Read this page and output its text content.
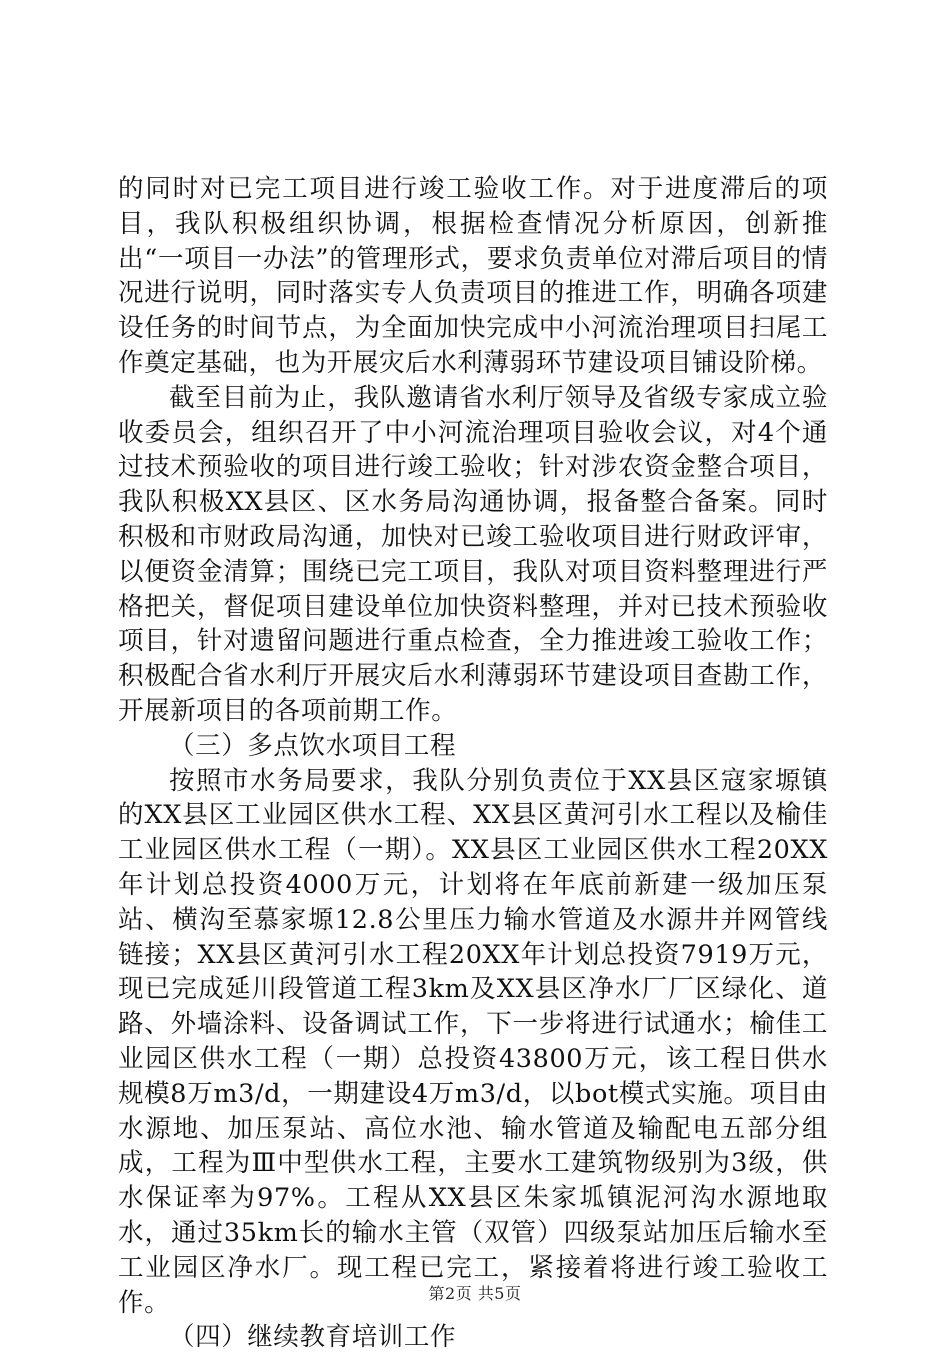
的同时对已完工项目进行竣工验收工作。对于进度滞后的项目，我队积极组织协调，根据检查情况分析原因，创新推出“一项目一办法”的管理形式，要求负责单位对滞后项目的情况进行说明，同时落实专人负责项目的推进工作，明确各项建设任务的时间节点，为全面加快完成中小河流治理项目扫尾工作奠定基础，也为开展灾后水利薄弱环节建设项目铺设阶梯。

截至目前为止，我队邀请省水利厅领导及省级专家成立验收委员会，组织召开了中小河流治理项目验收会议，对4个通过技术预验收的项目进行竣工验收；针对涉农资金整合项目，我队积极XX县区、区水务局沟通协调，报备整合备案。同时积极和市财政局沟通，加快对已竣工验收项目进行财政评审，以便资金清算；围绕已完工项目，我队对项目资料整理进行严格把关，督促项目建设单位加快资料整理，并对已技术预验收项目，针对遗留问题进行重点检查，全力推进竣工验收工作；积极配合省水利厅开展灾后水利薄弱环节建设项目查勘工作，开展新项目的各项前期工作。

（三）多点饮水项目工程

按照市水务局要求，我队分别负责位于XX县区寇家塬镇的XX县区工业园区供水工程、XX县区黄河引水工程以及榆佳工业园区供水工程（一期）。XX县区工业园区供水工程20XX年计划总投资4000万元，计划将在年底前新建一级加压泵站、横沟至慕家塬12.8公里压力输水管道及水源井并网管线链接；XX县区黄河引水工程20XX年计划总投资7919万元，现已完成延川段管道工程3km及XX县区净水厂厂区绿化、道路、外墙涂料、设备调试工作，下一步将进行试通水；榆佳工业园区供水工程（一期）总投资43800万元，该工程日供水规模8万m3/d，一期建设4万m3/d，以bot模式实施。项目由水源地、加压泵站、高位水池、输水管道及输配电五部分组成，工程为Ⅲ中型供水工程，主要水工建筑物级别为3级，供水保证率为97%。工程从XX县区朱家坬镇泥河沟水源地取水，通过35km长的输水主管（双管）四级泵站加压后输水至工业园区净水厂。现工程已完工，紧接着将进行竣工验收工作。

（四）继续教育培训工作

第2页 共5页
